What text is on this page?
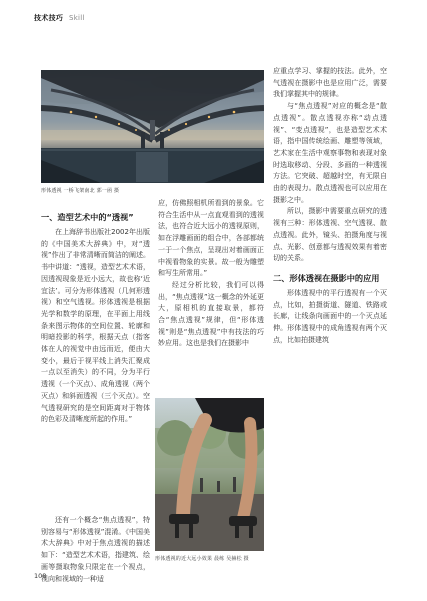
技术技巧 Skill
形体透视 一桥飞架南北 郭一函 摄
形体透视的近大远小效果 晨练 吴赫松 摄
一、造型艺术中的“透视”

在上海辞书出版社2002年出版的《中国美术大辞典》中，对“透视”作出了非常清晰而简洁的阐述。书中讲道：“透视，造型艺术术语，因透视现象是近小远大，故也称‘近宜法’。可分为形体透视（几何形透视）和空气透视。形体透视是根据光学和数学的原理，在平面上用线条来图示物体的空间位置、轮廓和明暗投影的科学，根据天点（指客体在人的视觉中由远而近，便由大变小，最后于视平线上消失汇聚成一点以至消失）的不同，分为平行透视（一个灭点）、成角透视（两个灭点）和斜面透视（三个灭点）。空气透视研究的是空间距离对于物体的色彩及清晰度所起的作用。”

还有一个概念“焦点透视”，特别容易与“形体透视”混淆。《中国美术大辞典》中对于焦点透视的描述如下：“造型艺术术语，指建筑、绘画等摄取物象只限定在一个视点，视向和视域的一种适

应，仿佛照相机所看到的景象。它符合生活中从一点直观看到的透视法，也符合近大远小的透视原则，如在浮雕画面的组合中，各部都统一于一个焦点，呈现出对着画面正中视看物象的实景。故一般为雕塑和写生所常用。”

经过分析比较，我们可以得出，“焦点透视”这一概念的外延更大，原相机的直接取景，都符合“焦点透视”规律，但“形体透视”则是“焦点透视”中有技法的巧妙应用。这也是我们在摄影中

应重点学习、掌握的技法。此外，空气透视在摄影中也是应用广泛，需要我们掌握其中的规律。

与“焦点透视”对应的概念是“散点透视”。散点透视亦称“动点透视”、“变点透视”，也是造型艺术术语，指中国传统绘画、雕塑等领域，艺术家在生活中观察事物和表现对象时选取移动、分段、多画的一种透视方法。它突破、超越时空，有无限自由的表现力。散点透视也可以应用在摄影之中。

所以，摄影中需要重点研究的透视有三种：形体透视、空气透视、散点透视。此外，镜头、拍摄角度与视点、光影、创意都与透视效果有着密切的关系。

二、形体透视在摄影中的应用

形体透视中的平行透视有一个灭点，比如，拍摄街道、隧道、铁路或长廊，让线条向画面中的一个灭点延伸。形体透视中的成角透视有两个灭点，比如拍摄建筑

108
